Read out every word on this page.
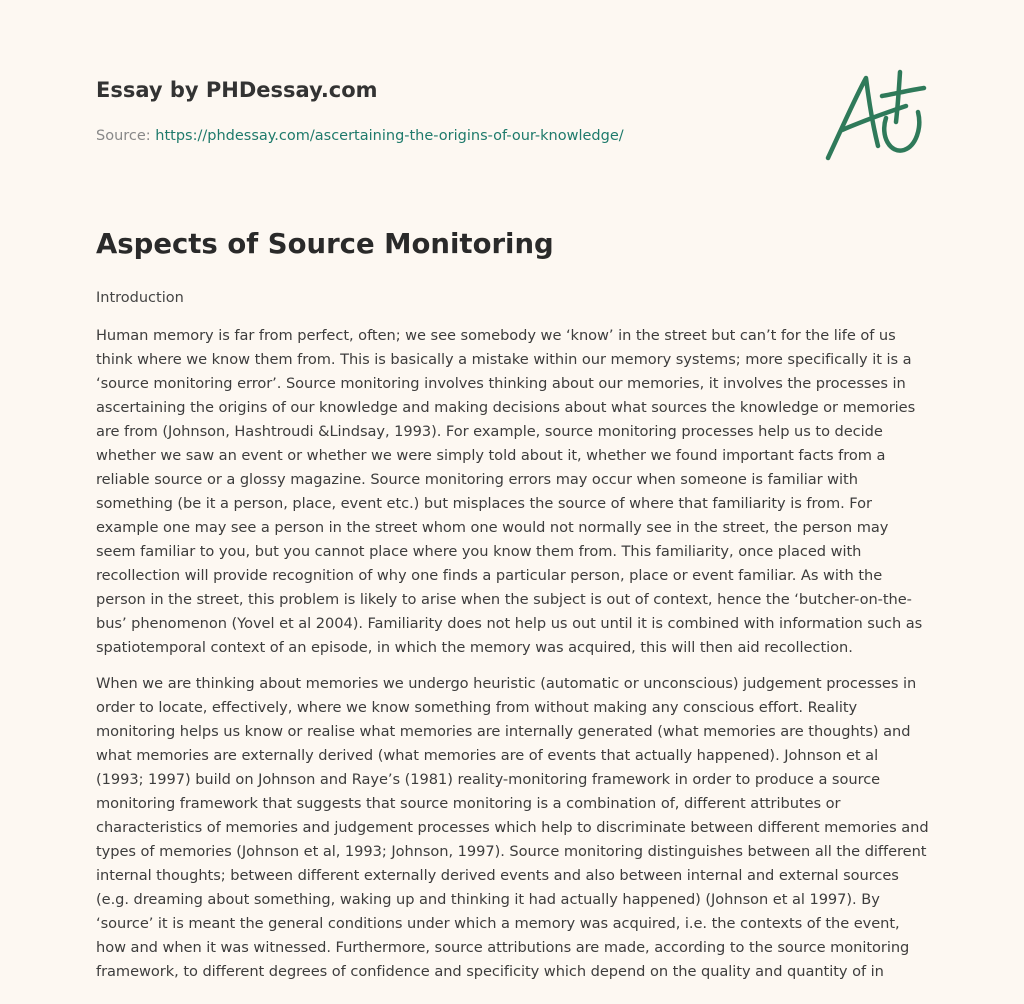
Essay by PHDessay.com

Source: https://phdessay.com/ascertaining-the-origins-of-our-knowledge/
Aspects of Source Monitoring
Introduction

Human memory is far from perfect, often; we see somebody we ‘know’ in the street but can’t for the life of us think where we know them from. This is basically a mistake within our memory systems; more specifically it is a ‘source monitoring error’. Source monitoring involves thinking about our memories, it involves the processes in ascertaining the origins of our knowledge and making decisions about what sources the knowledge or memories are from (Johnson, Hashtroudi &Lindsay, 1993). For example, source monitoring processes help us to decide whether we saw an event or whether we were simply told about it, whether we found important facts from a reliable source or a glossy magazine. Source monitoring errors may occur when someone is familiar with something (be it a person, place, event etc.) but misplaces the source of where that familiarity is from. For example one may see a person in the street whom one would not normally see in the street, the person may seem familiar to you, but you cannot place where you know them from. This familiarity, once placed with recollection will provide recognition of why one finds a particular person, place or event familiar. As with the person in the street, this problem is likely to arise when the subject is out of context, hence the ‘butcher-on-the-bus’ phenomenon (Yovel et al 2004). Familiarity does not help us out until it is combined with information such as spatiotemporal context of an episode, in which the memory was acquired, this will then aid recollection.

When we are thinking about memories we undergo heuristic (automatic or unconscious) judgement processes in order to locate, effectively, where we know something from without making any conscious effort. Reality monitoring helps us know or realise what memories are internally generated (what memories are thoughts) and what memories are externally derived (what memories are of events that actually happened). Johnson et al (1993; 1997) build on Johnson and Raye’s (1981) reality-monitoring framework in order to produce a source monitoring framework that suggests that source monitoring is a combination of, different attributes or characteristics of memories and judgement processes which help to discriminate between different memories and types of memories (Johnson et al, 1993; Johnson, 1997). Source monitoring distinguishes between all the different internal thoughts; between different externally derived events and also between internal and external sources (e.g. dreaming about something, waking up and thinking it had actually happened) (Johnson et al 1997). By ‘source’ it is meant the general conditions under which a memory was acquired, i.e. the contexts of the event, how and when it was witnessed. Furthermore, source attributions are made, according to the source monitoring framework, to different degrees of confidence and specificity which depend on the quality and quantity of in
